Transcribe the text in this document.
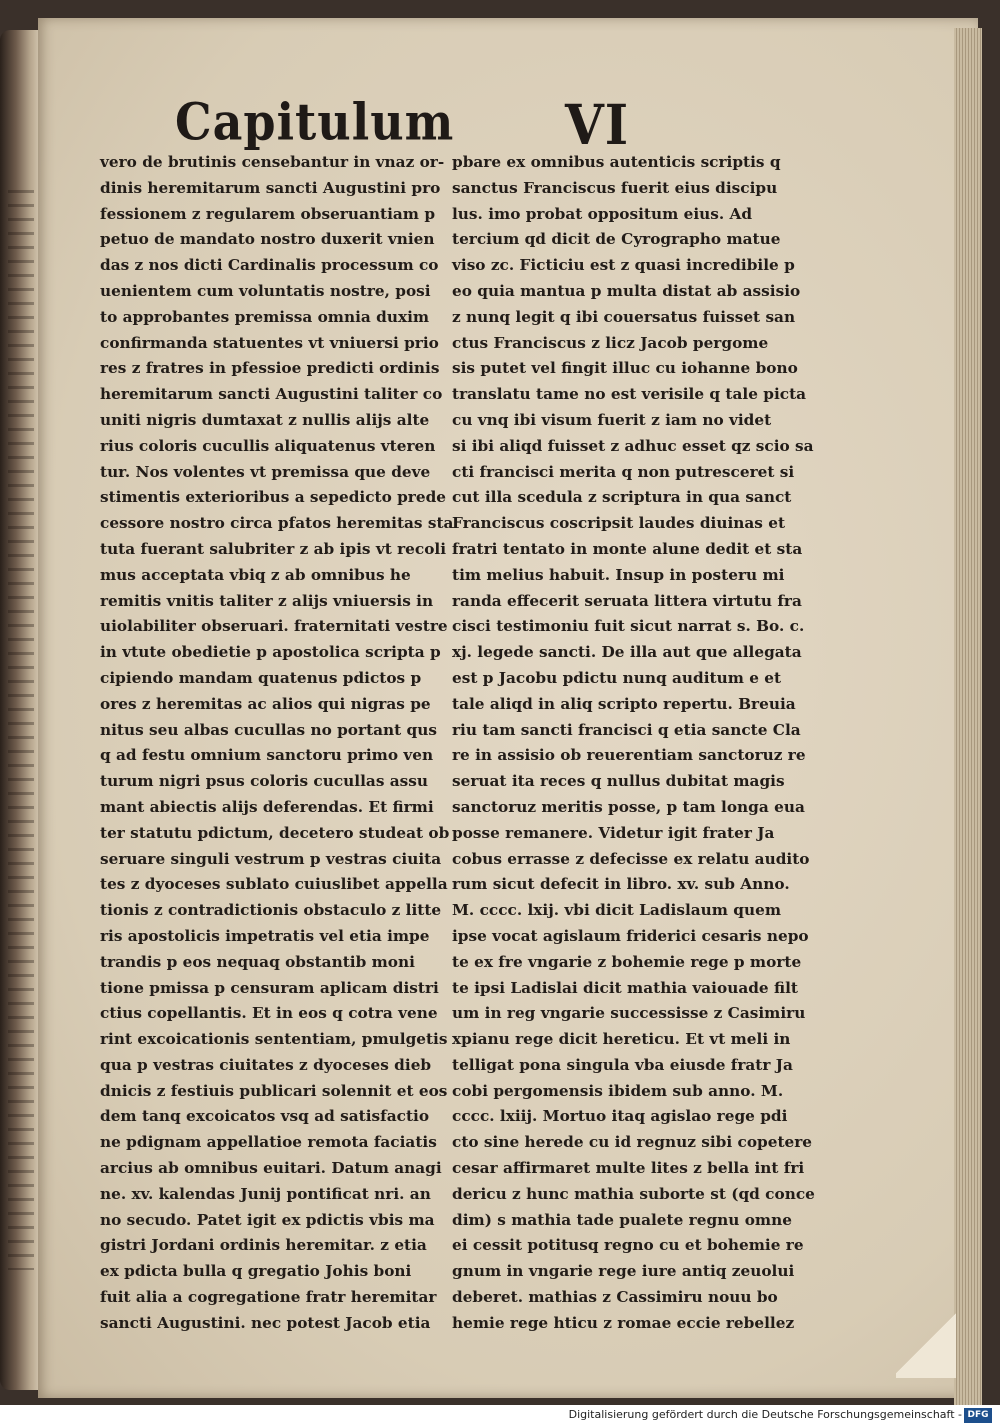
Capitulum VI
vero de brutinis censebantur in vnaz or-
dinis heremitarum sancti Augustini pro
fessionem z regularem obseruantiam p
petuo de mandato nostro duxerit vnien
das z nos dicti Cardinalis processum co
uenientem cum voluntatis nostre, posi
to approbantes premissa omnia duxim
confirmanda statuentes vt vniuersi prio
res z fratres in pfessioe predicti ordinis
heremitarum sancti Augustini taliter co
uniti nigris dumtaxat z nullis alijs alte
rius coloris cucullis aliquatenus vteren
tur. Nos volentes vt premissa que deve
stimentis exterioribus a sepedicto prede
cessore nostro circa pfatos heremitas sta
tuta fuerant salubriter z ab ipis vt recoli
mus acceptata vbiq z ab omnibus he
remitis vnitis taliter z alijs vniuersis in
uiolabiliter obseruari. fraternitati vestre
in vtute obedietie p apostolica scripta p
cipiendo mandam quatenus pdictos p
ores z heremitas ac alios qui nigras pe
nitus seu albas cucullas no portant qus
q ad festu omnium sanctoru primo ven
turum nigri psus coloris cucullas assu
mant abiectis alijs deferendas. Et firmi
ter statutu pdictum, decetero studeat ob
seruare singuli vestrum p vestras ciuita
tes z dyoceses sublato cuiuslibet appella
tionis z contradictionis obstaculo z litte
ris apostolicis impetratis vel etia impe
trandis p eos nequaq obstantib moni
tione pmissa p censuram aplicam distri
ctius copellantis. Et in eos q cotra vene
rint excoicationis sententiam, pmulgetis
qua p vestras ciuitates z dyoceses dieb
dnicis z festiuis publicari solennit et eos
dem tanq excoicatos vsq ad satisfactio
ne pdignam appellatioe remota faciatis
arcius ab omnibus euitari. Datum anagi
ne. xv. kalendas Junij pontificat nri. an
no secudo. Patet igit ex pdictis vbis ma
gistri Jordani ordinis heremitar. z etia
ex pdicta bulla q gregatio Johis boni
fuit alia a cogregatione fratr heremitar
sancti Augustini. nec potest Jacob etia
pbare ex omnibus autenticis scriptis q
sanctus Franciscus fuerit eius discipu
lus. imo probat oppositum eius. Ad
tercium qd dicit de Cyrographo matue
viso zc. Ficticiu est z quasi incredibile p
eo quia mantua p multa distat ab assisio
z nunq legit q ibi couersatus fuisset san
ctus Franciscus z licz Jacob pergome
sis putet vel fingit illuc cu iohanne bono
translatu tame no est verisile q tale picta
cu vnq ibi visum fuerit z iam no videt
si ibi aliqd fuisset z adhuc esset qz scio sa
cti francisci merita q non putresceret si
cut illa scedula z scriptura in qua sanct
Franciscus coscripsit laudes diuinas et
fratri tentato in monte alune dedit et sta
tim melius habuit. Insup in posteru mi
randa effecerit seruata littera virtutu fra
cisci testimoniu fuit sicut narrat s. Bo. c.
xj. legede sancti. De illa aut que allegata
est p Jacobu pdictu nunq auditum e et
tale aliqd in aliq scripto repertu. Breuia
riu tam sancti francisci q etia sancte Cla
re in assisio ob reuerentiam sanctoruz re
seruat ita reces q nullus dubitat magis
sanctoruz meritis posse, p tam longa eua
posse remanere. Videtur igit frater Ja
cobus errasse z defecisse ex relatu audito
rum sicut defecit in libro. xv. sub Anno.
M. cccc. lxij. vbi dicit Ladislaum quem
ipse vocat agislaum friderici cesaris nepo
te ex fre vngarie z bohemie rege p morte
te ipsi Ladislai dicit mathia vaiouade filt
um in reg vngarie successisse z Casimiru
xpianu rege dicit hereticu. Et vt meli in
telligat pona singula vba eiusde fratr Ja
cobi pergomensis ibidem sub anno. M.
cccc. lxiij. Mortuo itaq agislao rege pdi
cto sine herede cu id regnuz sibi copetere
cesar affirmaret multe lites z bella int fri
dericu z hunc mathia suborte st (qd conce
dim) s mathia tade pualete regnu omne
ei cessit potitusq regno cu et bohemie re
gnum in vngarie rege iure antiq zeuolui
deberet. mathias z Cassimiru nouu bo
hemie rege hticu z romae eccie rebellez
Digitalisierung gefördert durch die Deutsche Forschungsgemeinschaft - DFG
